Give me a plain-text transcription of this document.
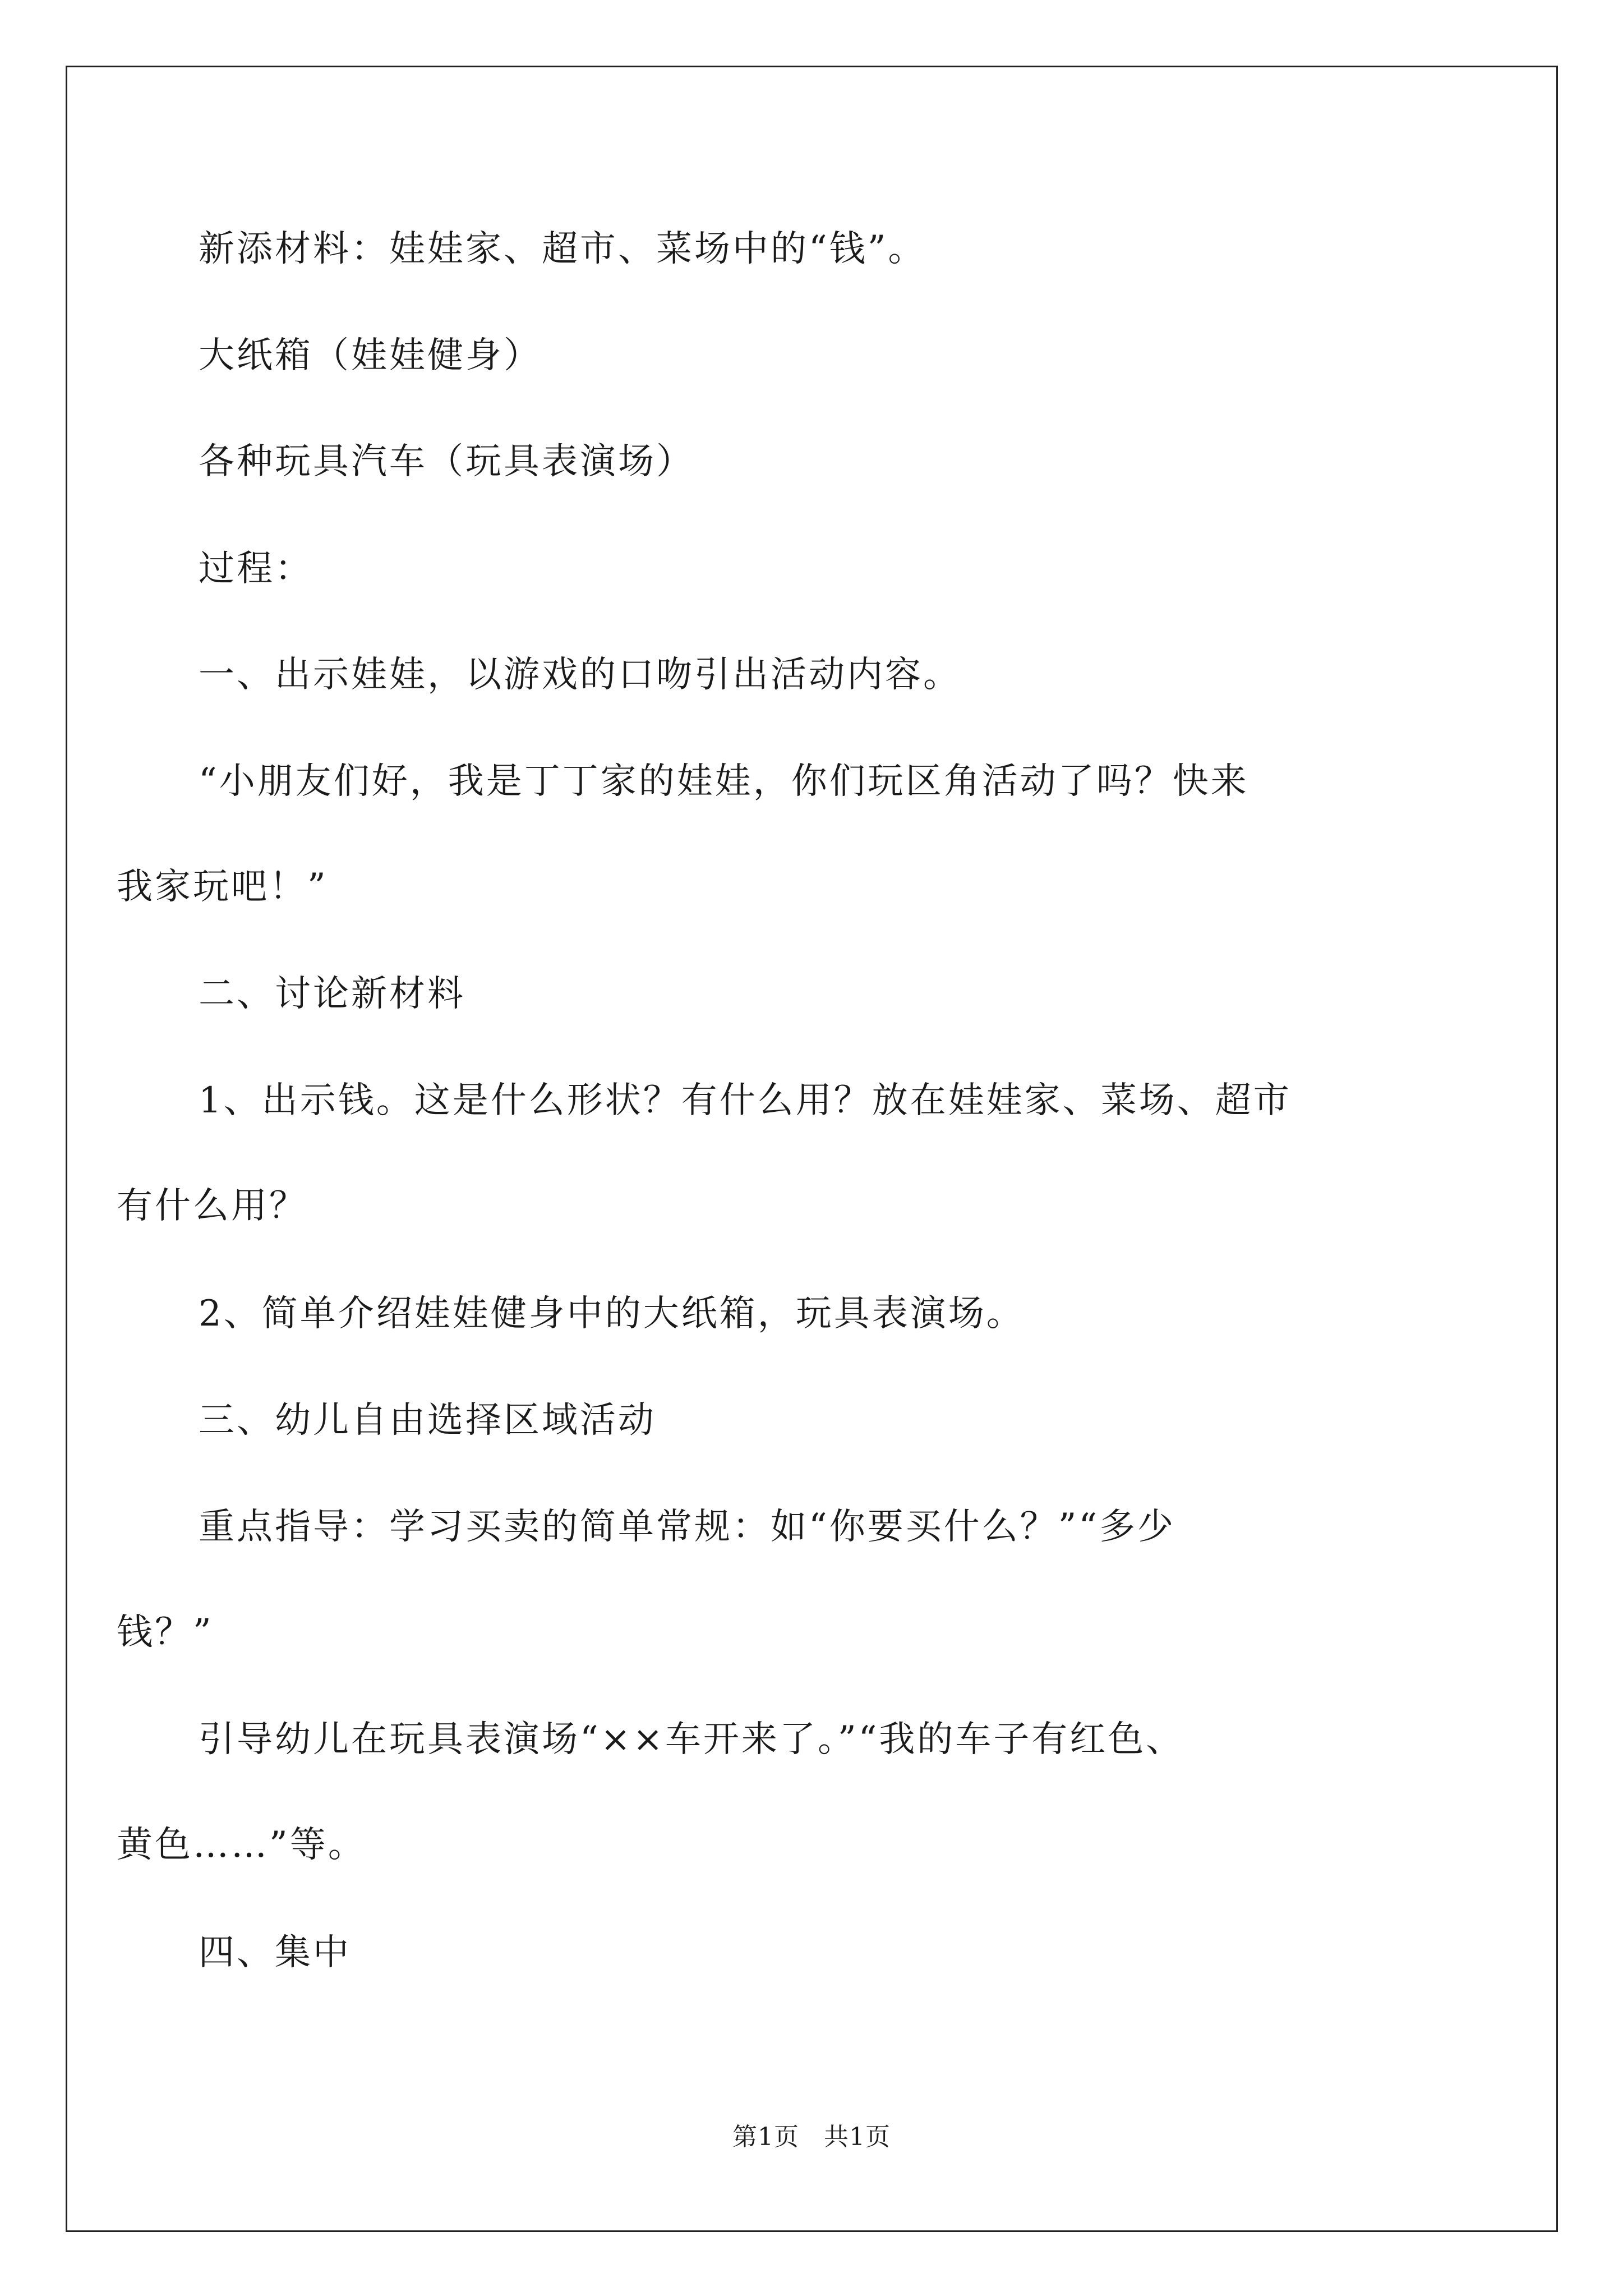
新添材料：娃娃家、超市、菜场中的“钱”。
大纸箱（娃娃健身）
各种玩具汽车（玩具表演场）
过程：
一、出示娃娃，以游戏的口吻引出活动内容。
“小朋友们好，我是丁丁家的娃娃，你们玩区角活动了吗？快来
我家玩吧！”
二、讨论新材料
1、出示钱。这是什么形状？有什么用？放在娃娃家、菜场、超市
有什么用？
2、简单介绍娃娃健身中的大纸箱，玩具表演场。
三、幼儿自由选择区域活动
重点指导：学习买卖的简单常规：如“你要买什么？”“多少
钱？”
引导幼儿在玩具表演场“××车开来了。”“我的车子有红色、
黄色……”等。
四、集中
第1页 共1页
